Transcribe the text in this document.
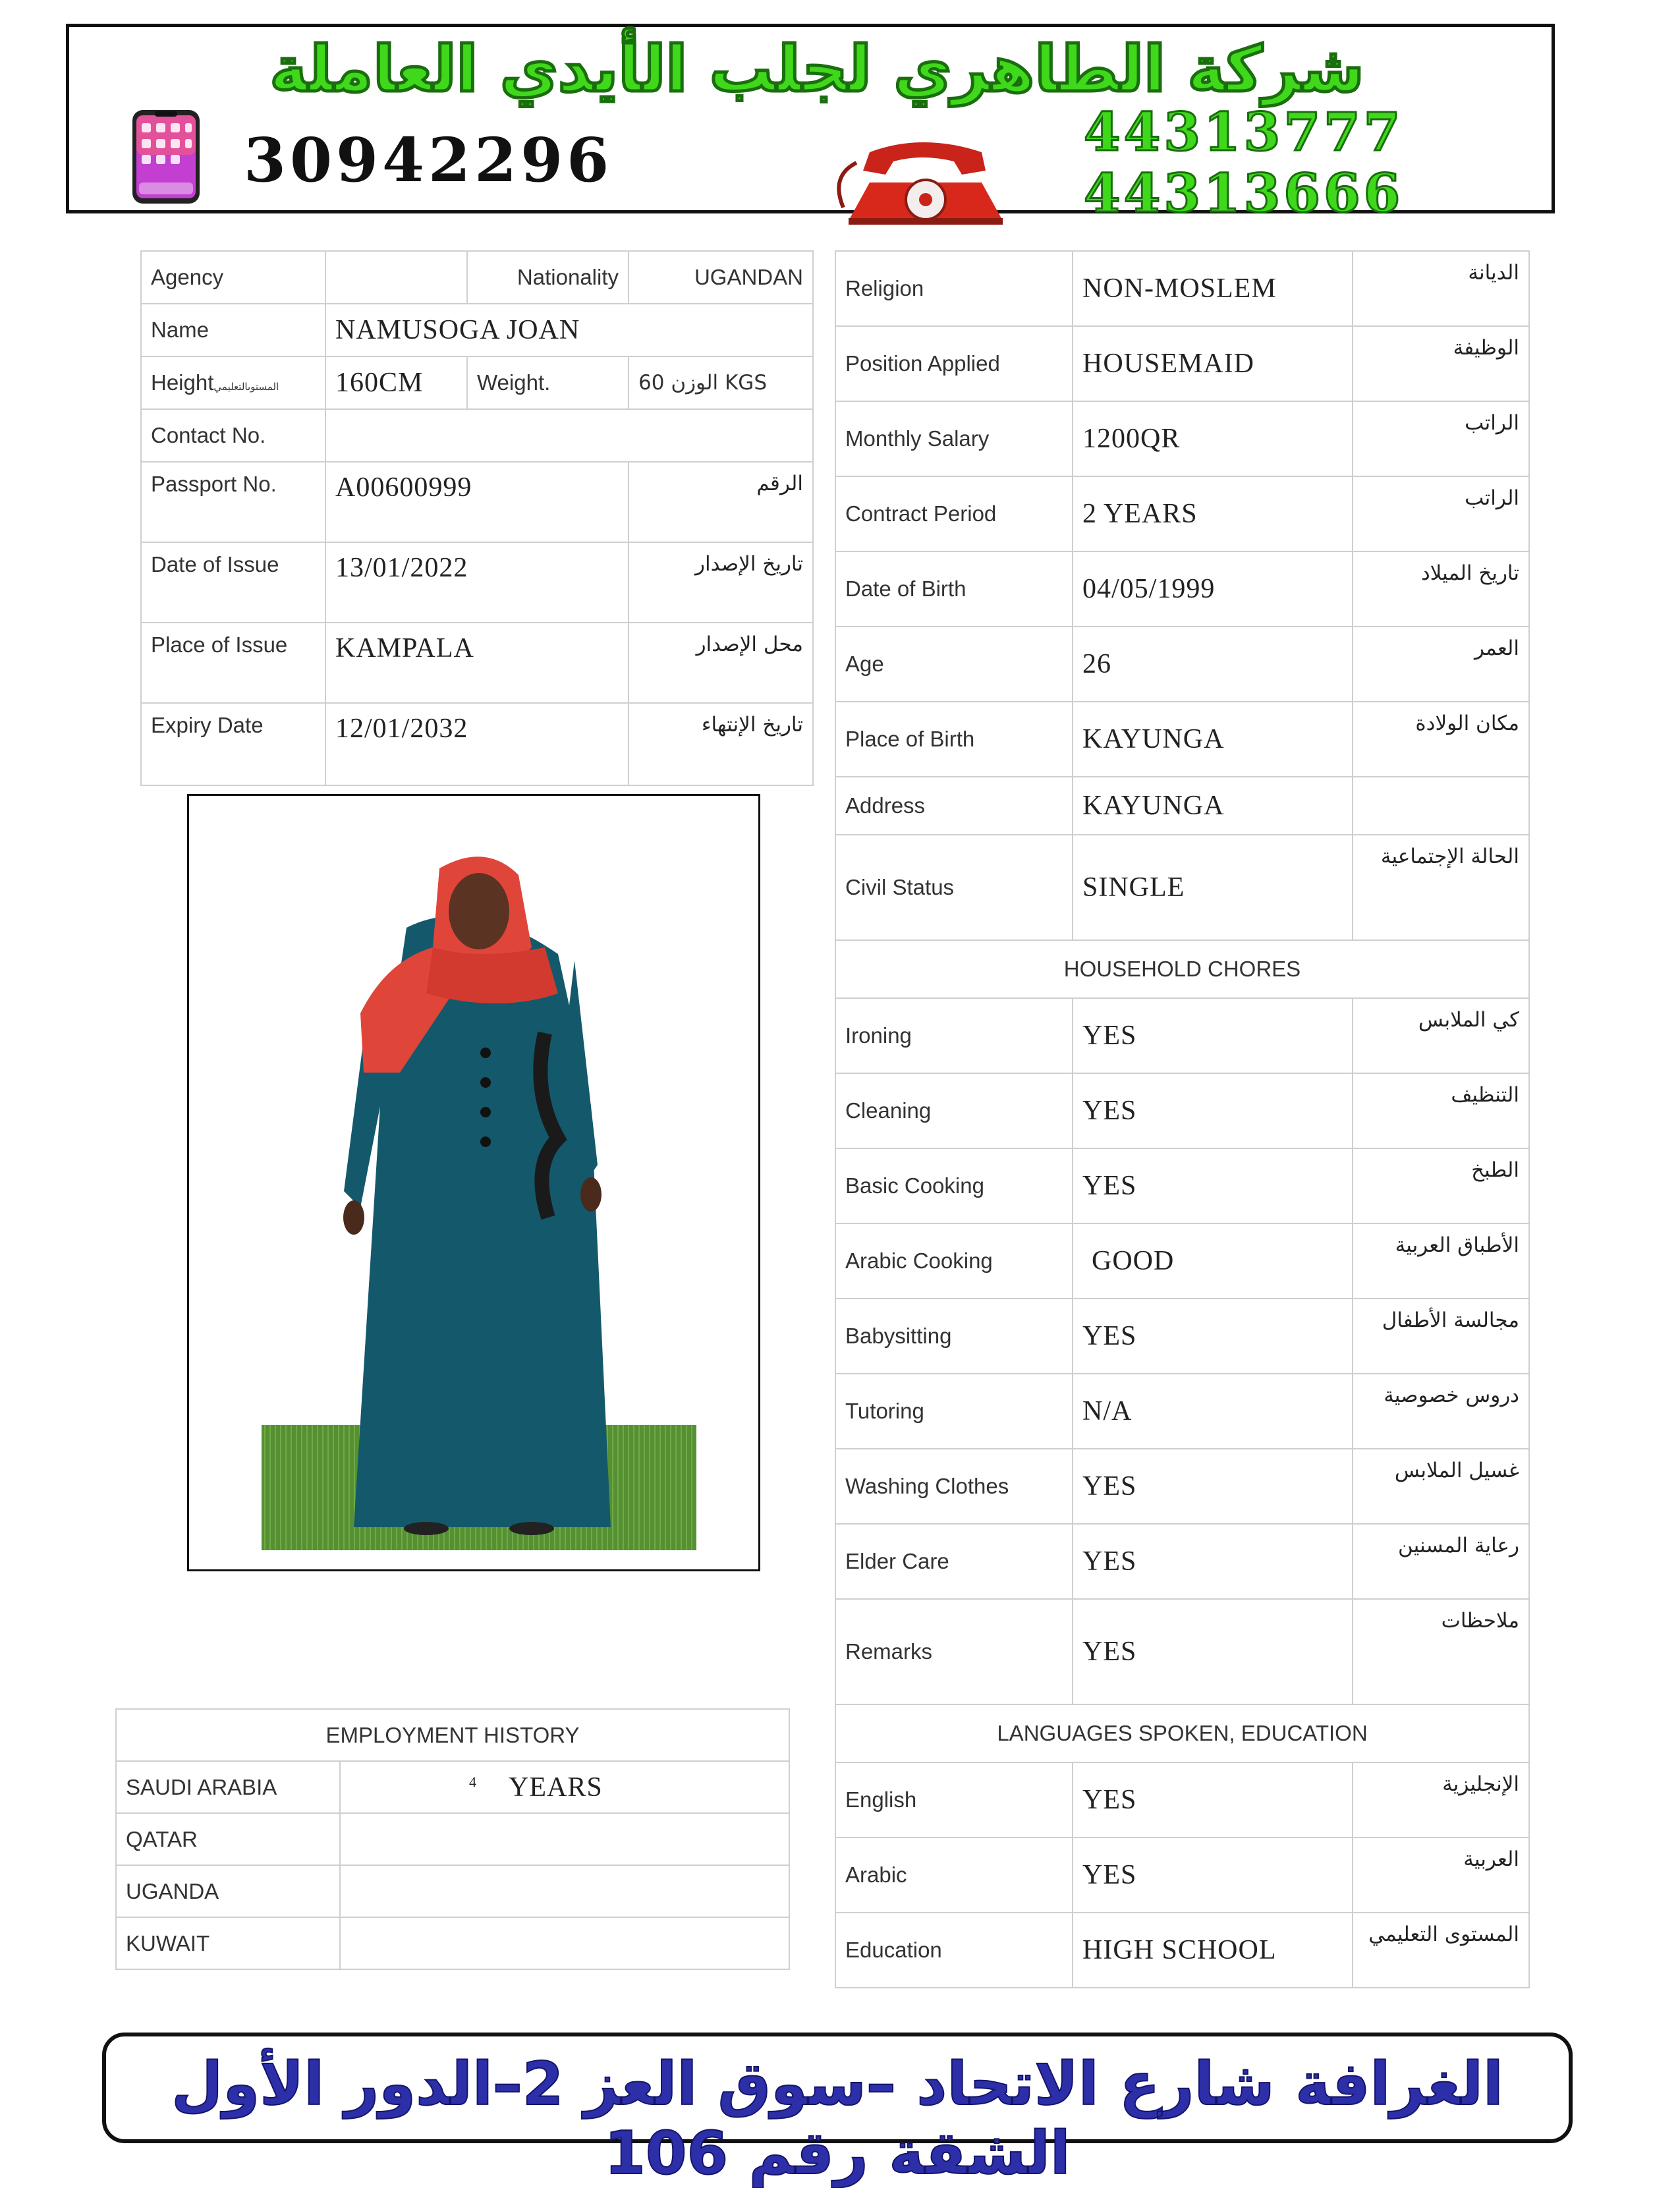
شركة الطاهري لجلب الأيدي العاملة
30942296	44313777
44313666
Agency		Nationality	UGANDAN
Name	NAMUSOGA JOAN		
Heightالمستوىالتعليمي	160CM	Weight.	60 الوزن KGS
Contact No.			
Passport No.	A00600999		الرقم
Date of Issue	13/01/2022		تاريخ الإصدار
Place of Issue	KAMPALA		محل الإصدار
Expiry Date	12/01/2032		تاريخ الإنتهاء
Religion	NON-MOSLEM	الديانة
Position Applied	HOUSEMAID	الوظيفة
Monthly Salary	1200QR	الراتب
Contract Period	2 YEARS	الراتب
Date of Birth	04/05/1999	تاريخ الميلاد
Age	26	العمر
Place of Birth	KAYUNGA	مكان الولادة
Address	KAYUNGA	
Civil Status	SINGLE	الحالة الإجتماعية
HOUSEHOLD CHORES		
Ironing	YES	كي الملابس
Cleaning	YES	التنظيف
Basic Cooking	YES	الطبخ
Arabic Cooking	GOOD	الأطباق العربية
Babysitting	YES	مجالسة الأطفال
Tutoring	N/A	دروس خصوصية
Washing Clothes	YES	غسيل الملابس
Elder Care	YES	رعاية المسنين
Remarks	YES	ملاحظات
LANGUAGES SPOKEN, EDUCATION		
English	YES	الإنجليزية
Arabic	YES	العربية
Education	HIGH SCHOOL	المستوى التعليمي
EMPLOYMENT HISTORY	
SAUDI ARABIA	$^4$ YEARS
QATAR	
UGANDA	
KUWAIT	
الغرافة شارع الاتحاد –سوق العز 2–الدور الأول الشقة رقم 106
